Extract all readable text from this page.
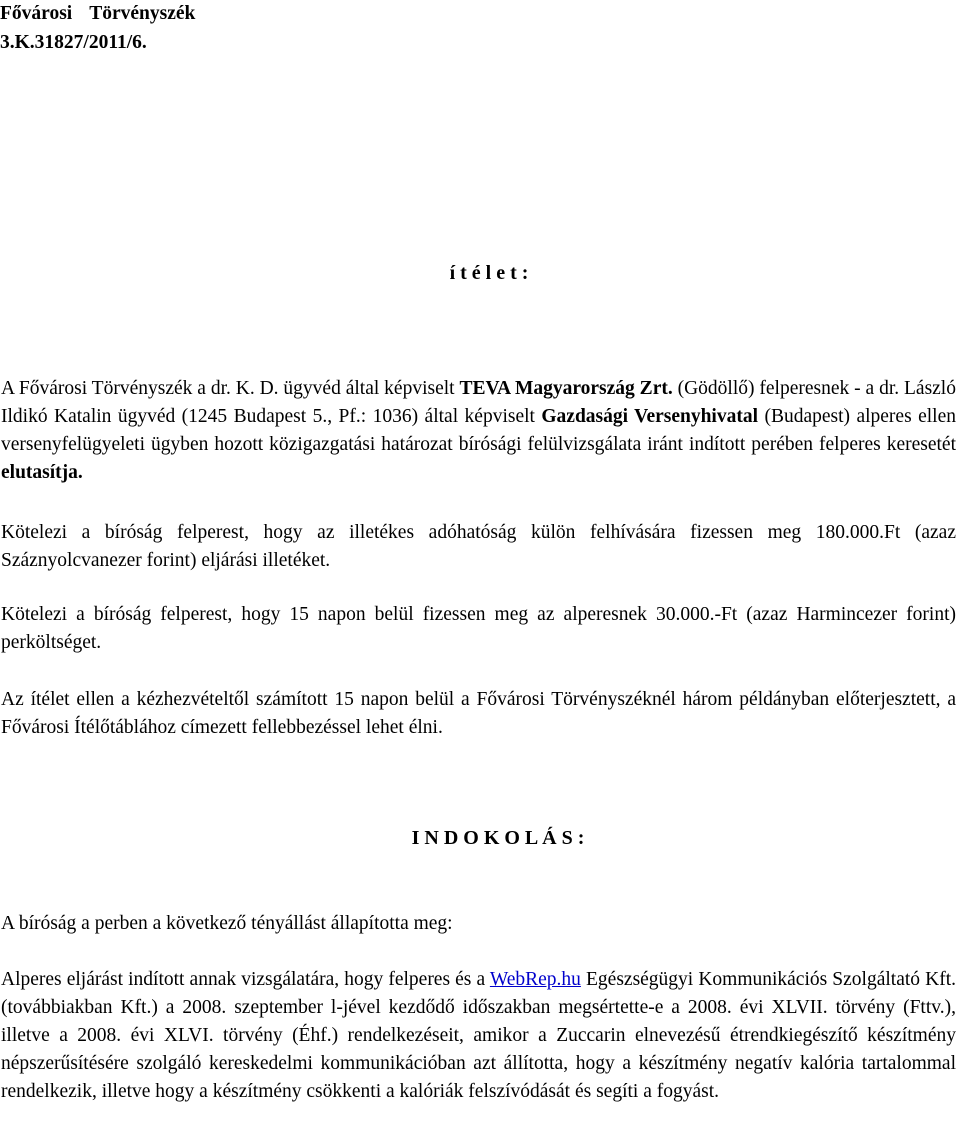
Fővárosi Törvényszék
3.K.31827/2011/6.
í t é l e t :
A Fővárosi Törvényszék a dr. K. D. ügyvéd által képviselt TEVA Magyarország Zrt. (Gödöllő) felperesnek - a dr. László Ildikó Katalin ügyvéd (1245 Budapest 5., Pf.: 1036) által képviselt Gazdasági Versenyhivatal (Budapest) alperes ellen versenyfelügyeleti ügyben hozott közigazgatási határozat bírósági felülvizsgálata iránt indított perében felperes keresetét elutasítja.
Kötelezi a bíróság felperest, hogy az illetékes adóhatóság külön felhívására fizessen meg 180.000.Ft (azaz Száznyolcvanezer forint) eljárási illetéket.
Kötelezi a bíróság felperest, hogy 15 napon belül fizessen meg az alperesnek 30.000.-Ft (azaz Harmincezer forint) perköltséget.
Az ítélet ellen a kézhezvételtől számított 15 napon belül a Fővárosi Törvényszéknél három példányban előterjesztett, a Fővárosi Ítélőtáblához címezett fellebbezéssel lehet élni.
I N D O K O L Á S :
A bíróság a perben a következő tényállást állapította meg:
Alperes eljárást indított annak vizsgálatára, hogy felperes és a WebRep.hu Egészségügyi Kommunikációs Szolgáltató Kft. (továbbiakban Kft.) a 2008. szeptember l-jével kezdődő időszakban megsértette-e a 2008. évi XLVII. törvény (Fttv.), illetve a 2008. évi XLVI. törvény (Éhf.) rendelkezéseit, amikor a Zuccarin elnevezésű étrendkiegészítő készítmény népszerűsítésére szolgáló kereskedelmi kommunikációban azt állította, hogy a készítmény negatív kalória tartalommal rendelkezik, illetve hogy a készítmény csökkenti a kalóriák felszívódását és segíti a fogyást.
